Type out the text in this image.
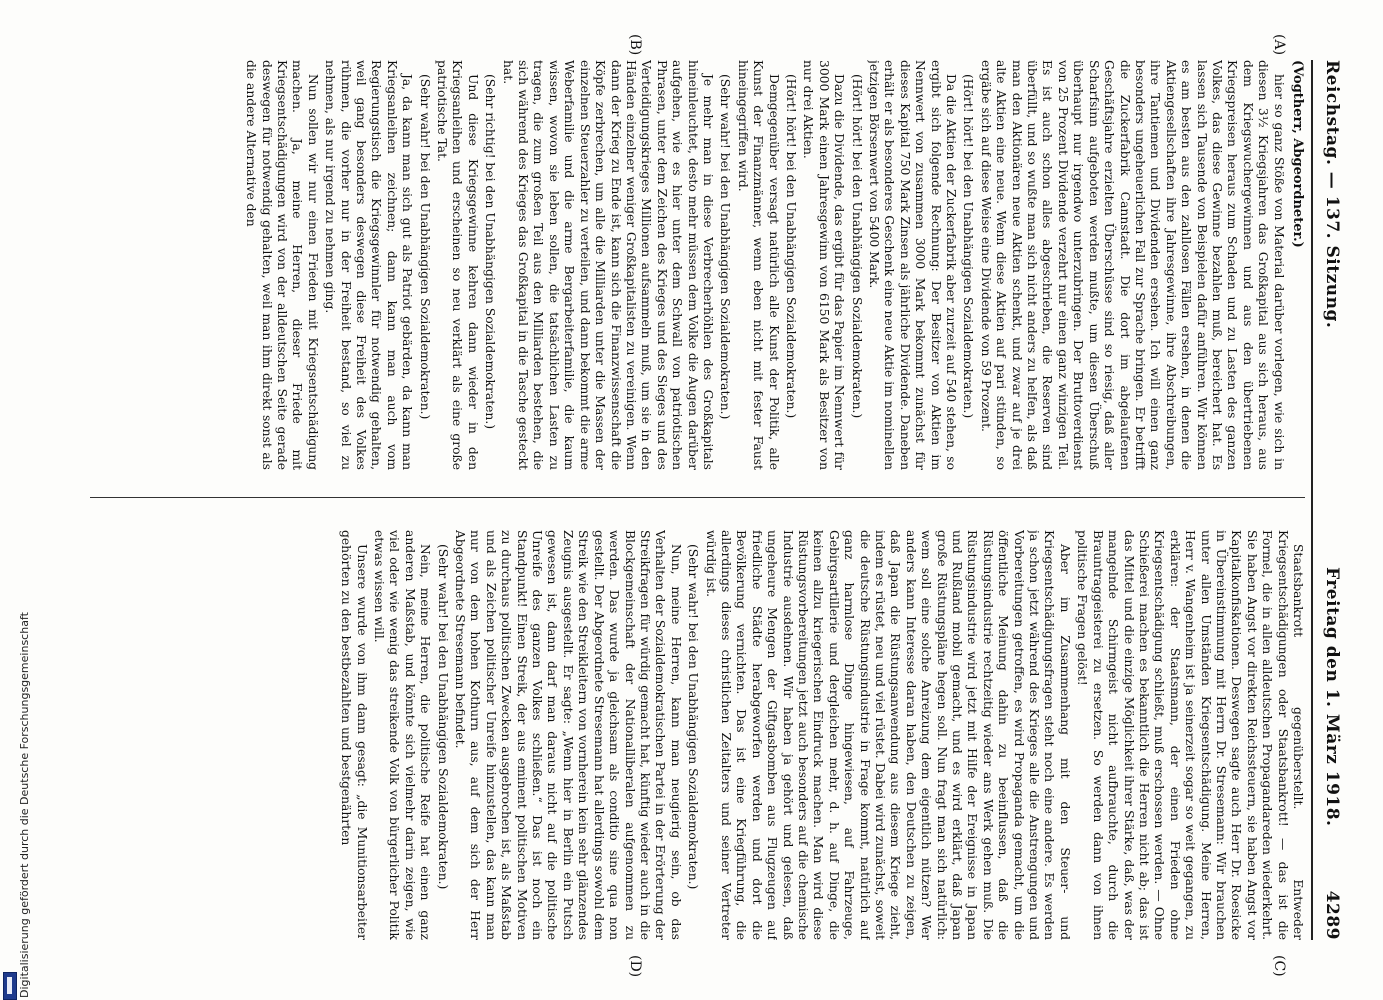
Reichstag. — 137. Sitzung.
Freitag den 1. März 1918.          4289
(A)
(B)
(C)
(D)
(Vogtherr, Abgeordneter.)

hier so ganz Stöße von Material darüber vorlegen, wie sich in diesen 3½ Kriegsjahren das Großkapital aus sich heraus, aus dem Kriegswuchergewinnen und aus den übertriebenen Kriegspreisen heraus zum Schaden und zu Lasten des ganzen Volkes, das diese Gewinne bezahlen muß, bereichert hat. Es lassen sich Tausende von Beispielen dafür anführen. Wir können es am besten aus den zahllosen Fällen ersehen, in denen die Aktiengesellschaften ihre Jahresgewinne, ihre Abschreibungen, ihre Tantiemen und Dividenden ersehen. Ich will einen ganz besonders ungeheuerlichen Fall zur Sprache bringen. Er betrifft die Zuckerfabrik Cannstadt. Die dort im abgelaufenen Geschäftsjahre erzielten Überschüsse sind so riesig, daß aller Scharfsinn aufgeboten werden mußte, um diesen Überschuß überhaupt nur irgendwo unterzubringen. Der Bruttoverdienst von 25 Prozent Dividende verzehrt nur einen ganz winzigen Teil. Es ist auch schon alles abgeschrieben, die Reserven sind überfüllt, und so wußte man sich nicht anders zu helfen, als daß man den Aktionären neue Aktien schenkt, und zwar auf je drei alte Aktien eine neue. Wenn diese Aktien auf pari stünden, so ergäbe sich auf diese Weise eine Dividende von 59 Prozent.

(Hört! hört! bei den Unabhängigen Sozialdemokraten.)

Da die Aktien der Zuckerfabrik aber zurzeit auf 540 stehen, so ergibt sich folgende Rechnung: Der Besitzer von Aktien im Nennwert von zusammen 3000 Mark bekommt zunächst für dieses Kapital 750 Mark Zinsen als jährliche Dividende. Daneben erhält er als besonderes Geschenk eine neue Aktie im nominellen jetzigen Börsenwert von 5400 Mark.

(Hört! hört! bei den Unabhängigen Sozialdemokraten.)

Dazu die Dividende, das ergibt für das Papier im Nennwert für 3000 Mark einen Jahresgewinn von 6150 Mark als Besitzer von nur drei Aktien.

(Hört! hört! bei den Unabhängigen Sozialdemokraten.)

Demgegenüber versagt natürlich alle Kunst der Politik, alle Kunst der Finanzmänner, wenn eben nicht mit fester Faust hineingegriffen wird.

(Sehr wahr! bei den Unabhängigen Sozialdemokraten.)

Je mehr man in diese Verbrecherhöhlen des Großkapitals hineinleuchtet, desto mehr müssen dem Volke die Augen darüber aufgehen, wie es hier unter dem Schwall von patriotischen Phrasen, unter dem Zeichen des Krieges und des Sieges und des Verteidigungskrieges Millionen aufsammeln muß, um sie in den Händen einzelner weniger Großkapitalisten zu vereinigen. Wenn dann der Krieg zu Ende ist, kann sich die Finanzwissenschaft die Köpfe zerbrechen, um alle die Milliarden unter die Massen der einzelnen Steuerzahler zu verteilen, und dann bekommt die arme Weberfamilie und die arme Bergarbeiterfamilie, die kaum wissen, wovon sie leben sollen, die tatsächlichen Lasten zu tragen, die zum großen Teil aus den Milliarden bestehen, die sich während des Krieges das Großkapital in die Tasche gesteckt hat.

(Sehr richtig! bei den Unabhängigen Sozialdemokraten.)

Und diese Kriegsgewinne kehren dann wieder in den Kriegsanleihen und erscheinen so neu verklärt als eine große patriotische Tat.

(Sehr wahr! bei den Unabhängigen Sozialdemokraten.)

Ja, da kann man sich gut als Patriot gebärden, da kann man Kriegsanleihen zeichnen; dann kann man auch vom Regierungstisch die Kriegsgewinnler für notwendig gehalten, weil gang besonders deswegen diese Freiheit des Volkes rühmen, die vorher nur in der Freiheit bestand, so viel zu nehmen, als nur irgend zu nehmen ging.

Nun sollen wir nur einen Frieden mit Kriegsentschädigung machen. Ja, meine Herren, dieser Friede mit Kriegsentschädigungen wird von der alldeutschen Seite gerade deswegen für notwendig gehalten, weil man ihm direkt sonst als die andere Alternative den

Staatsbankrott gegenüberstellt. Entweder Kriegsentschädigungen oder Staatsbankrott! — das ist die Formel, die in allen alldeutschen Propagandareden wiederkehrt. Sie haben Angst vor direkten Reichssteuern, sie haben Angst vor Kapitalkonfiskationen. Deswegen sagte auch Herr Dr. Roesicke in Übereinstimmung mit Herrn Dr. Stresemann: Wir brauchen unter allen Umständen Kriegsentschädigung. Meine Herren, Herr v. Wangenheim ist ja seinerzeit sogar so weit gegangen, zu erklären: der Staatsmann, der einen Frieden ohne Kriegsentschädigung schließt, muß erschossen werden. — Ohne Schießerei machen es bekanntlich die Herren nicht ab; das ist das Mittel und die einzige Möglichkeit ihrer Stärke, daß, was der mangelnde Schirmgeist nicht aufbrauchte, durch die Brauntraggeisterei zu ersetzen. So werden dann von ihnen politische Fragen gelöst!

Aber im Zusammenhang mit den Steuer- und Kriegsentschädigungsfragen steht noch eine andere. Es werden ja schon jetzt während des Krieges alle die Anstrengungen und Vorbereitungen getroffen, es wird Propaganda gemacht, um die öffentliche Meinung dahin zu beeinflussen, daß die Rüstungsindustrie rechtzeitig wieder ans Werk gehen muß. Die Rüstungsindustrie wird jetzt mit Hilfe der Ereignisse in Japan und Rußland mobil gemacht, und es wird erklärt, daß Japan große Rüstungspläne hegen soll. Nun fragt man sich natürlich: wem soll eine solche Anreizung dem eigentlich nützen? Wer anders kann Interesse daran haben, den Deutschen zu zeigen, daß Japan die Rüstungsanwendung aus diesem Kriege zieht, indem es rüstet, neu und viel rüstet. Dabei wird zunächst, soweit die deutsche Rüstungsindustrie in Frage kommt, natürlich auf ganz harmlose Dinge hingewiesen, auf Fahrzeuge, Gebirgsartillerie und dergleichen mehr, d. h. auf Dinge, die keinen allzu kriegerischen Eindruck machen. Man wird diese Rüstungsvorbereitungen jetzt auch besonders auf die chemische Industrie ausdehnen. Wir haben ja gehört und gelesen, daß ungeheure Mengen der Giftgasbomben aus Flugzeugen auf friedliche Städte herabgeworfen werden und dort die Bevölkerung vernichten. Das ist eine Kriegführung, die allerdings dieses christlichen Zeitalters und seiner Vertreter würdig ist.

(Sehr wahr! bei den Unabhängigen Sozialdemokraten.)

Nun, meine Herren, kann man neugierig sein, ob das Verhalten der Sozialdemokratischen Partei in der Erörterung der Streikfragen für würdig gemacht hat, künftig wieder auch in die Blockgemeinschaft der Nationalliberalen aufgenommen zu werden. Das wurde ja gleichsam als conditio sine qua non gestellt. Der Abgeordnete Stresemann hat allerdings sowohl dem Streik wie den Streikleitern von vornherein kein sehr glänzendes Zeugnis ausgestellt. Er sagte: „Wenn hier in Berlin ein Putsch gewesen ist, dann darf man daraus nicht auf die politische Unreife des ganzen Volkes schließen.“ Das ist noch ein Standpunkt! Einen Streik, der aus eminent politischen Motiven zu durchaus politischen Zwecken ausgebrochen ist, als Maßstab und als Zeichen politischer Unreife hinzustellen, das kann man nur von dem hohen Kothurn aus, auf dem sich der Herr Abgeordnete Stresemann befindet.

(Sehr wahr! bei den Unabhängigen Sozialdemokraten.)

Nein, meine Herren, die politische Reife hat einen ganz anderen Maßstab, und könnte sich vielmehr darin zeigen, wie viel oder wie wenig das streikende Volk von bürgerlicher Politik etwas wissen will.

Unsere wurde von ihm dann gesagt: „die Munitionsarbeiter gehörten zu den bestbezahlten und bestgenährten

Digitalisierung gefördert durch die Deutsche Forschungsgemeinschaft
